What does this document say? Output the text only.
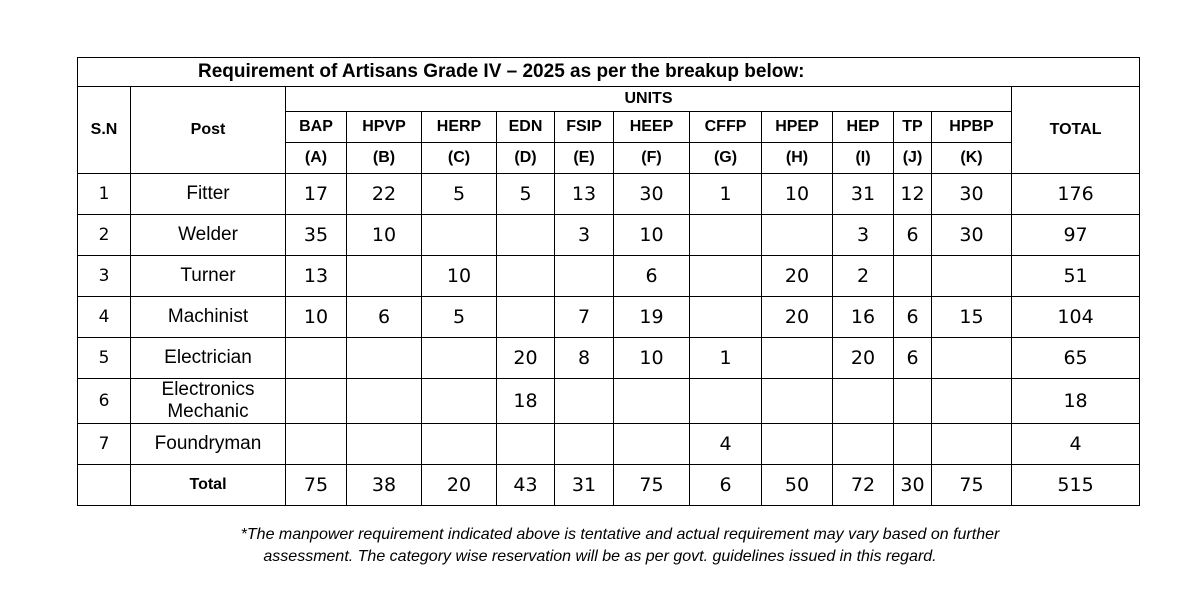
Requirement of Artisans Grade IV – 2025 as per the breakup below:													
S.N	Post	UNITS											TOTAL
		BAP	HPVP	HERP	EDN	FSIP	HEEP	CFFP	HPEP	HEP	TP	HPBP	
		(A)	(B)	(C)	(D)	(E)	(F)	(G)	(H)	(I)	(J)	(K)	
1	Fitter	17	22	5	5	13	30	1	10	31	12	30	176
2	Welder	35	10			3	10			3	6	30	97
3	Turner	13		10			6		20	2			51
4	Machinist	10	6	5		7	19		20	16	6	15	104
5	Electrician				20	8	10	1		20	6		65
6	Electronics Mechanic				18								18
7	Foundryman							4					4
	Total	75	38	20	43	31	75	6	50	72	30	75	515
*The manpower requirement indicated above is tentative and actual requirement may vary based on further
assessment. The category wise reservation will be as per govt. guidelines issued in this regard.
